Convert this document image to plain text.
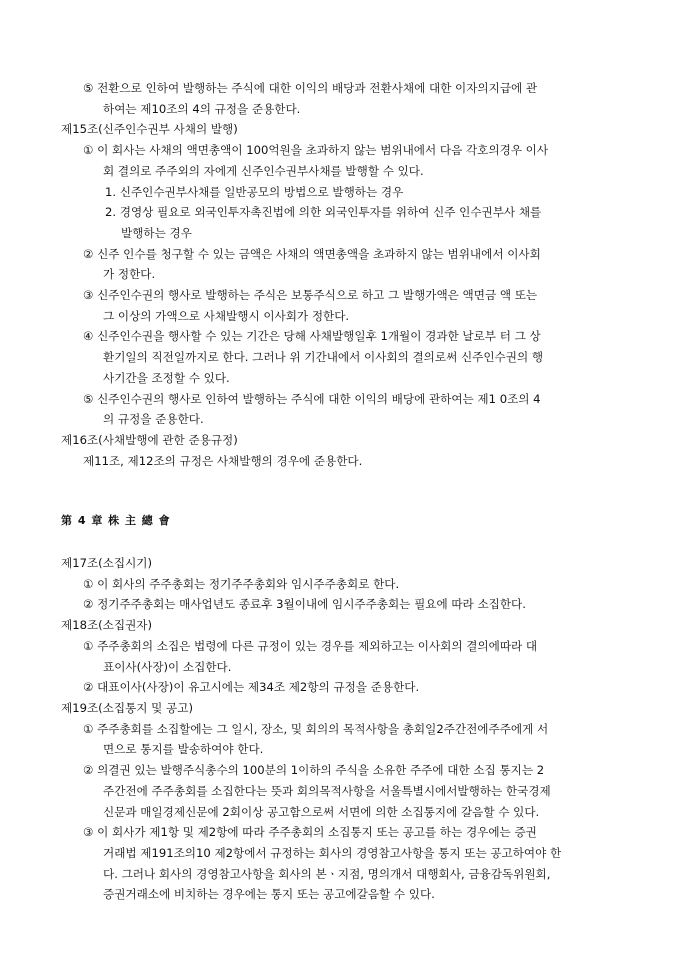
⑤ 전환으로 인하여 발행하는 주식에 대한 이익의 배당과 전환사채에 대한 이자의지급에 관
하여는 제10조의 4의 규정을 준용한다.
제15조(신주인수권부 사채의 발행)
① 이 회사는 사채의 액면총액이 100억원을 초과하지 않는 범위내에서 다음 각호의경우 이사
회 결의로 주주외의 자에게 신주인수권부사채를 발행할 수 있다.
1. 신주인수권부사채를 일반공모의 방법으로 발행하는 경우
2. 경영상 필요로 외국인투자촉진법에 의한 외국인투자를 위하여 신주 인수권부사 채를
발행하는 경우
② 신주 인수를 청구할 수 있는 금액은 사채의 액면총액을 초과하지 않는 범위내에서 이사회
가 정한다.
③ 신주인수권의 행사로 발행하는 주식은 보통주식으로 하고 그 발행가액은 액면금 액 또는
그 이상의 가액으로 사채발행시 이사회가 정한다.
④ 신주인수권을 행사할 수 있는 기간은 당해 사채발행일후 1개월이 경과한 날로부 터 그 상
환기일의 직전일까지로 한다. 그러나 위 기간내에서 이사회의 결의로써 신주인수권의 행
사기간을 조정할 수 있다.
⑤ 신주인수권의 행사로 인하여 발행하는 주식에 대한 이익의 배당에 관하여는 제1 0조의 4
의 규정을 준용한다.
제16조(사채발행에 관한 준용규정)
제11조, 제12조의 규정은 사채발행의 경우에 준용한다.
第 4 章 株 主 總 會
제17조(소집시기)
① 이 회사의 주주총회는 정기주주총회와 임시주주총회로 한다.
② 정기주주총회는 매사업년도 종료후 3월이내에 임시주주총회는 필요에 따라 소집한다.
제18조(소집권자)
① 주주총회의 소집은 법령에 다른 규정이 있는 경우를 제외하고는 이사회의 결의에따라 대
표이사(사장)이 소집한다.
② 대표이사(사장)이 유고시에는 제34조 제2항의 규정을 준용한다.
제19조(소집통지 및 공고)
① 주주총회를 소집할에는 그 일시, 장소, 및 회의의 목적사항을 총회일2주간전에주주에게 서
면으로 통지를 발송하여야 한다.
② 의결권 있는 발행주식총수의 100분의 1이하의 주식을 소유한 주주에 대한 소집 통지는 2
주간전에 주주총회를 소집한다는 뜻과 회의목적사항을 서울특별시에서발행하는 한국경제
신문과 매일경제신문에 2회이상 공고함으로써 서면에 의한 소집통지에 갈음할 수 있다.
③ 이 회사가 제1항 및 제2항에 따라 주주총회의 소집통지 또는 공고를 하는 경우에는 증권
거래법 제191조의10 제2항에서 규정하는 회사의 경영참고사항을 통지 또는 공고하여야 한
다. 그러나 회사의 경영참고사항을 회사의 본ㆍ지점, 명의개서 대행회사, 금융감독위원회,
증권거래소에 비치하는 경우에는 통지 또는 공고에갈음할 수 있다.
